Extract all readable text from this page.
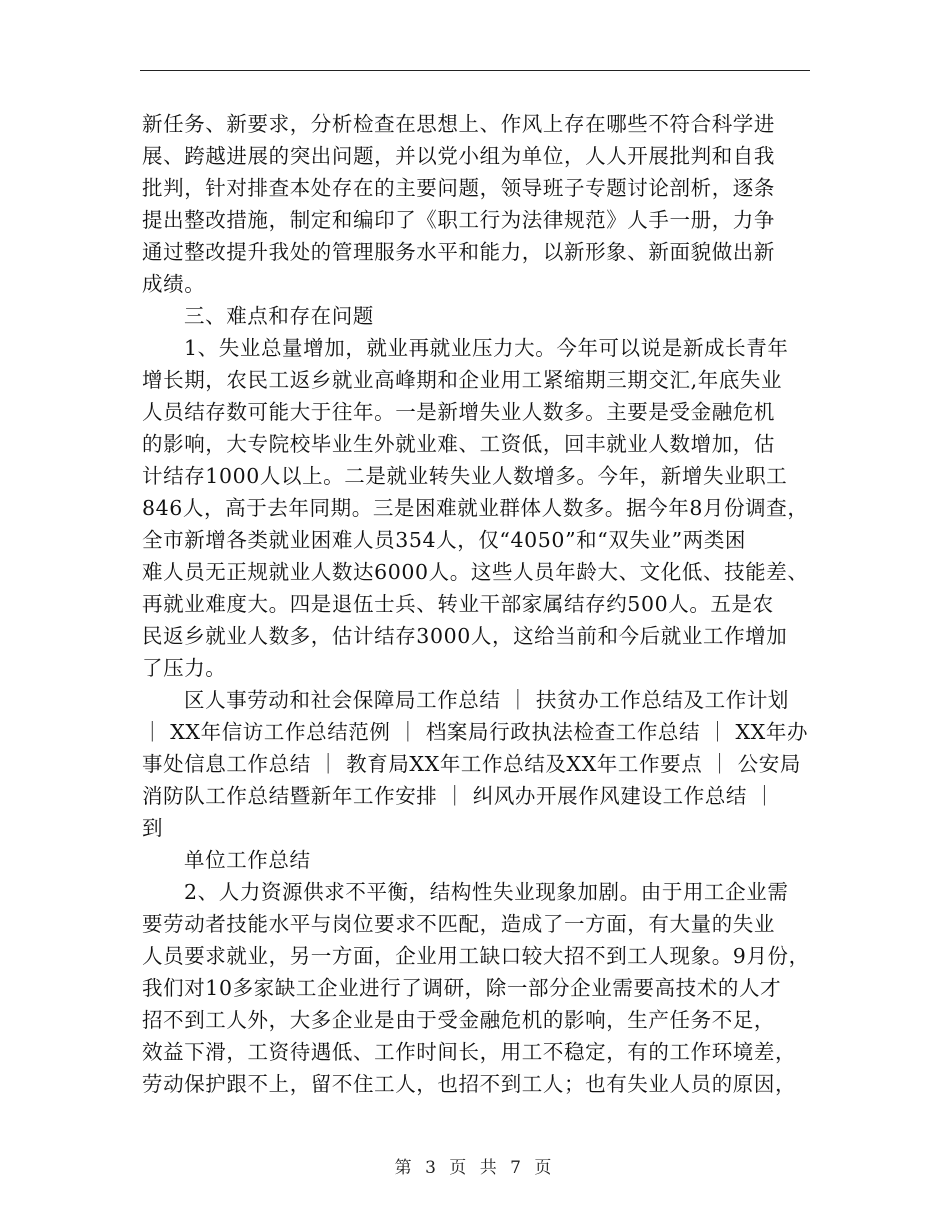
新任务、新要求，分析检查在思想上、作风上存在哪些不符合科学进
展、跨越进展的突出问题，并以党小组为单位，人人开展批判和自我
批判，针对排查本处存在的主要问题，领导班子专题讨论剖析，逐条
提出整改措施，制定和编印了《职工行为法律规范》人手一册，力争
通过整改提升我处的管理服务水平和能力，以新形象、新面貌做出新
成绩。
三、难点和存在问题
1、失业总量增加，就业再就业压力大。今年可以说是新成长青年
增长期，农民工返乡就业高峰期和企业用工紧缩期三期交汇,年底失业
人员结存数可能大于往年。一是新增失业人数多。主要是受金融危机
的影响，大专院校毕业生外就业难、工资低，回丰就业人数增加，估
计结存1000人以上。二是就业转失业人数增多。今年，新增失业职工
846人，高于去年同期。三是困难就业群体人数多。据今年8月份调查，
全市新增各类就业困难人员354人，仅“4050”和“双失业”两类困
难人员无正规就业人数达6000人。这些人员年龄大、文化低、技能差、
再就业难度大。四是退伍士兵、转业干部家属结存约500人。五是农
民返乡就业人数多，估计结存3000人，这给当前和今后就业工作增加
了压力。
区人事劳动和社会保障局工作总结 ｜ 扶贫办工作总结及工作计划
｜ XX年信访工作总结范例 ｜ 档案局行政执法检查工作总结 ｜ XX年办
事处信息工作总结 ｜ 教育局XX年工作总结及XX年工作要点 ｜ 公安局
消防队工作总结暨新年工作安排 ｜ 纠风办开展作风建设工作总结 ｜
到
单位工作总结
2、人力资源供求不平衡，结构性失业现象加剧。由于用工企业需
要劳动者技能水平与岗位要求不匹配，造成了一方面，有大量的失业
人员要求就业，另一方面，企业用工缺口较大招不到工人现象。9月份，
我们对10多家缺工企业进行了调研，除一部分企业需要高技术的人才
招不到工人外，大多企业是由于受金融危机的影响，生产任务不足，
效益下滑，工资待遇低、工作时间长，用工不稳定，有的工作环境差，
劳动保护跟不上，留不住工人，也招不到工人；也有失业人员的原因，
第 3 页 共 7 页
